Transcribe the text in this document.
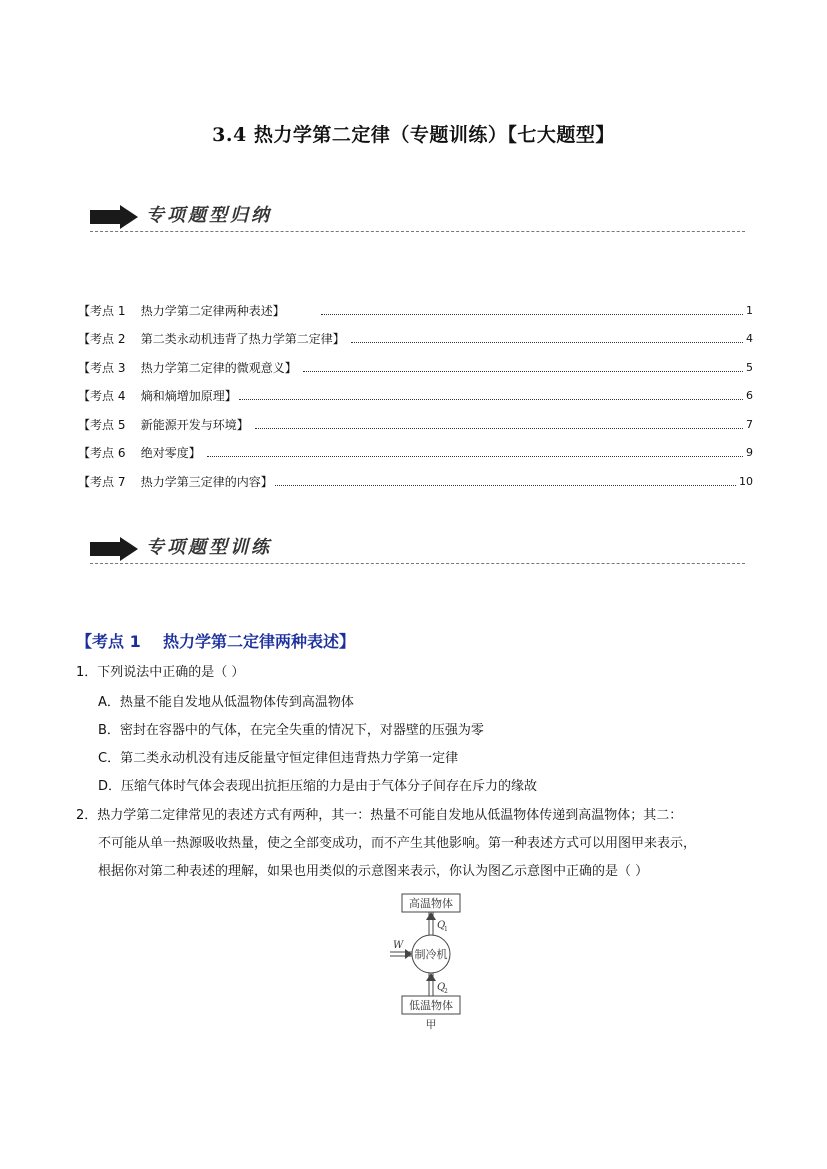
3.4 热力学第二定律（专题训练）【七大题型】
专项题型归纳
【考点 1    热力学第二定律两种表述】	1
【考点 2    第二类永动机违背了热力学第二定律】	4
【考点 3    热力学第二定律的微观意义】	5
【考点 4    熵和熵增加原理】	6
【考点 5    新能源开发与环境】	7
【考点 6    绝对零度】	9
【考点 7    热力学第三定律的内容】	10
专项题型训练
【考点 1    热力学第二定律两种表述】
1．下列说法中正确的是（ ）
A．热量不能自发地从低温物体传到高温物体
B．密封在容器中的气体，在完全失重的情况下，对器壁的压强为零
C．第二类永动机没有违反能量守恒定律但违背热力学第一定律
D．压缩气体时气体会表现出抗拒压缩的力是由于气体分子间存在斥力的缘故
2．热力学第二定律常见的表述方式有两种，其一：热量不可能自发地从低温物体传递到高温物体；其二：
不可能从单一热源吸收热量，使之全部变成功，而不产生其他影响。第一种表述方式可以用图甲来表示，
根据你对第二种表述的理解，如果也用类似的示意图来表示，你认为图乙示意图中正确的是（ ）
高温物体
Q
1
制冷机
W
Q
2
低温物体
甲
